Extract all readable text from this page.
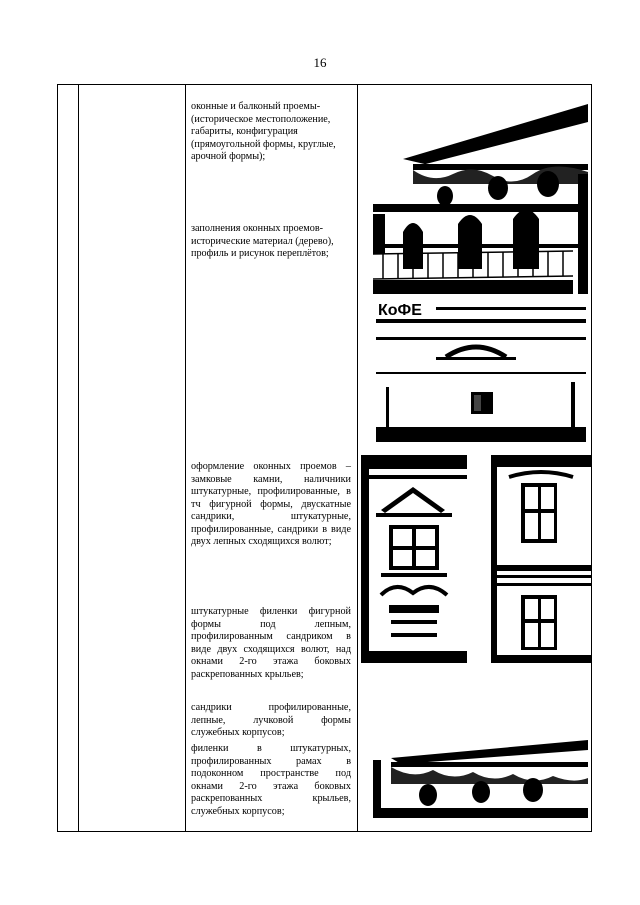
16

оконные и балконый проемы- (историческое местоположение, габариты, конфигурация (прямоугольной формы, круглые, арочной формы);

заполнения оконных проемов- исторические материал (дерево), профиль и рисунок переплётов;

оформление оконных проемов – замковые камни, наличники штукатурные, профилированные, в тч фигурной формы, двускатные сандрики, штукатурные, профилированные, сандрики в виде двух лепных сходящихся волют;

штукатурные филенки фигурной формы под лепным, профилированным сандриком в виде двух сходящихся волют, над окнами 2-го этажа боковых раскрепованных крыльев;

сандрики профилированные, лепные, лучковой формы служебных корпусов;

филенки в штукатурных, профилированных рамах в подоконном пространстве под окнами 2-го этажа боковых раскрепованных крыльев, служебных корпусов;

КоФЕ
